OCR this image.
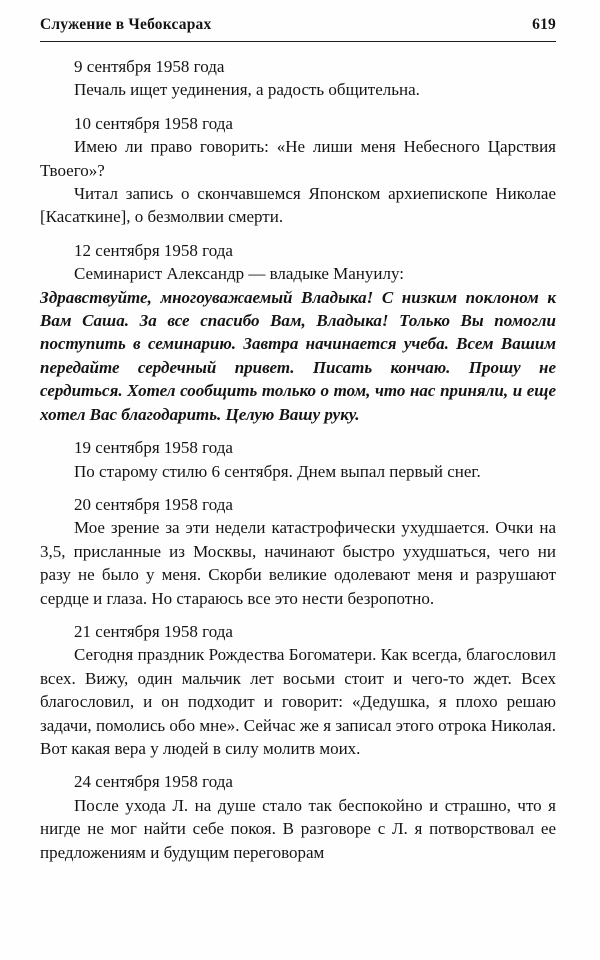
Служение в Чебоксарах	619

9 сентября 1958 года

Печаль ищет уединения, а радость общительна.

10 сентября 1958 года

Имею ли право говорить: «Не лиши меня Небесного Царствия Твоего»?

Читал запись о скончавшемся Японском архиепископе Николае [Касаткине], о безмолвии смерти.

12 сентября 1958 года

Семинарист Александр — владыке Мануилу:

Здравствуйте, многоуважаемый Владыка! С низким поклоном к Вам Саша. За все спасибо Вам, Владыка! Только Вы помогли поступить в семинарию. Завтра начинается учеба. Всем Вашим передайте сердечный привет. Писать кончаю. Прошу не сердиться. Хотел сообщить только о том, что нас приняли, и еще хотел Вас благодарить. Целую Вашу руку.

19 сентября 1958 года

По старому стилю 6 сентября. Днем выпал первый снег.

20 сентября 1958 года

Мое зрение за эти недели катастрофически ухудшается. Очки на 3,5, присланные из Москвы, начинают быстро ухудшаться, чего ни разу не было у меня. Скорби великие одолевают меня и разрушают сердце и глаза. Но стараюсь все это нести безропотно.

21 сентября 1958 года

Сегодня праздник Рождества Богоматери. Как всегда, благословил всех. Вижу, один мальчик лет восьми стоит и чего-то ждет. Всех благословил, и он подходит и говорит: «Дедушка, я плохо решаю задачи, помолись обо мне». Сейчас же я записал этого отрока Николая. Вот какая вера у людей в силу молитв моих.

24 сентября 1958 года

После ухода Л. на душе стало так беспокойно и страшно, что я нигде не мог найти себе покоя. В разговоре с Л. я потворствовал ее предложениям и будущим переговорам
